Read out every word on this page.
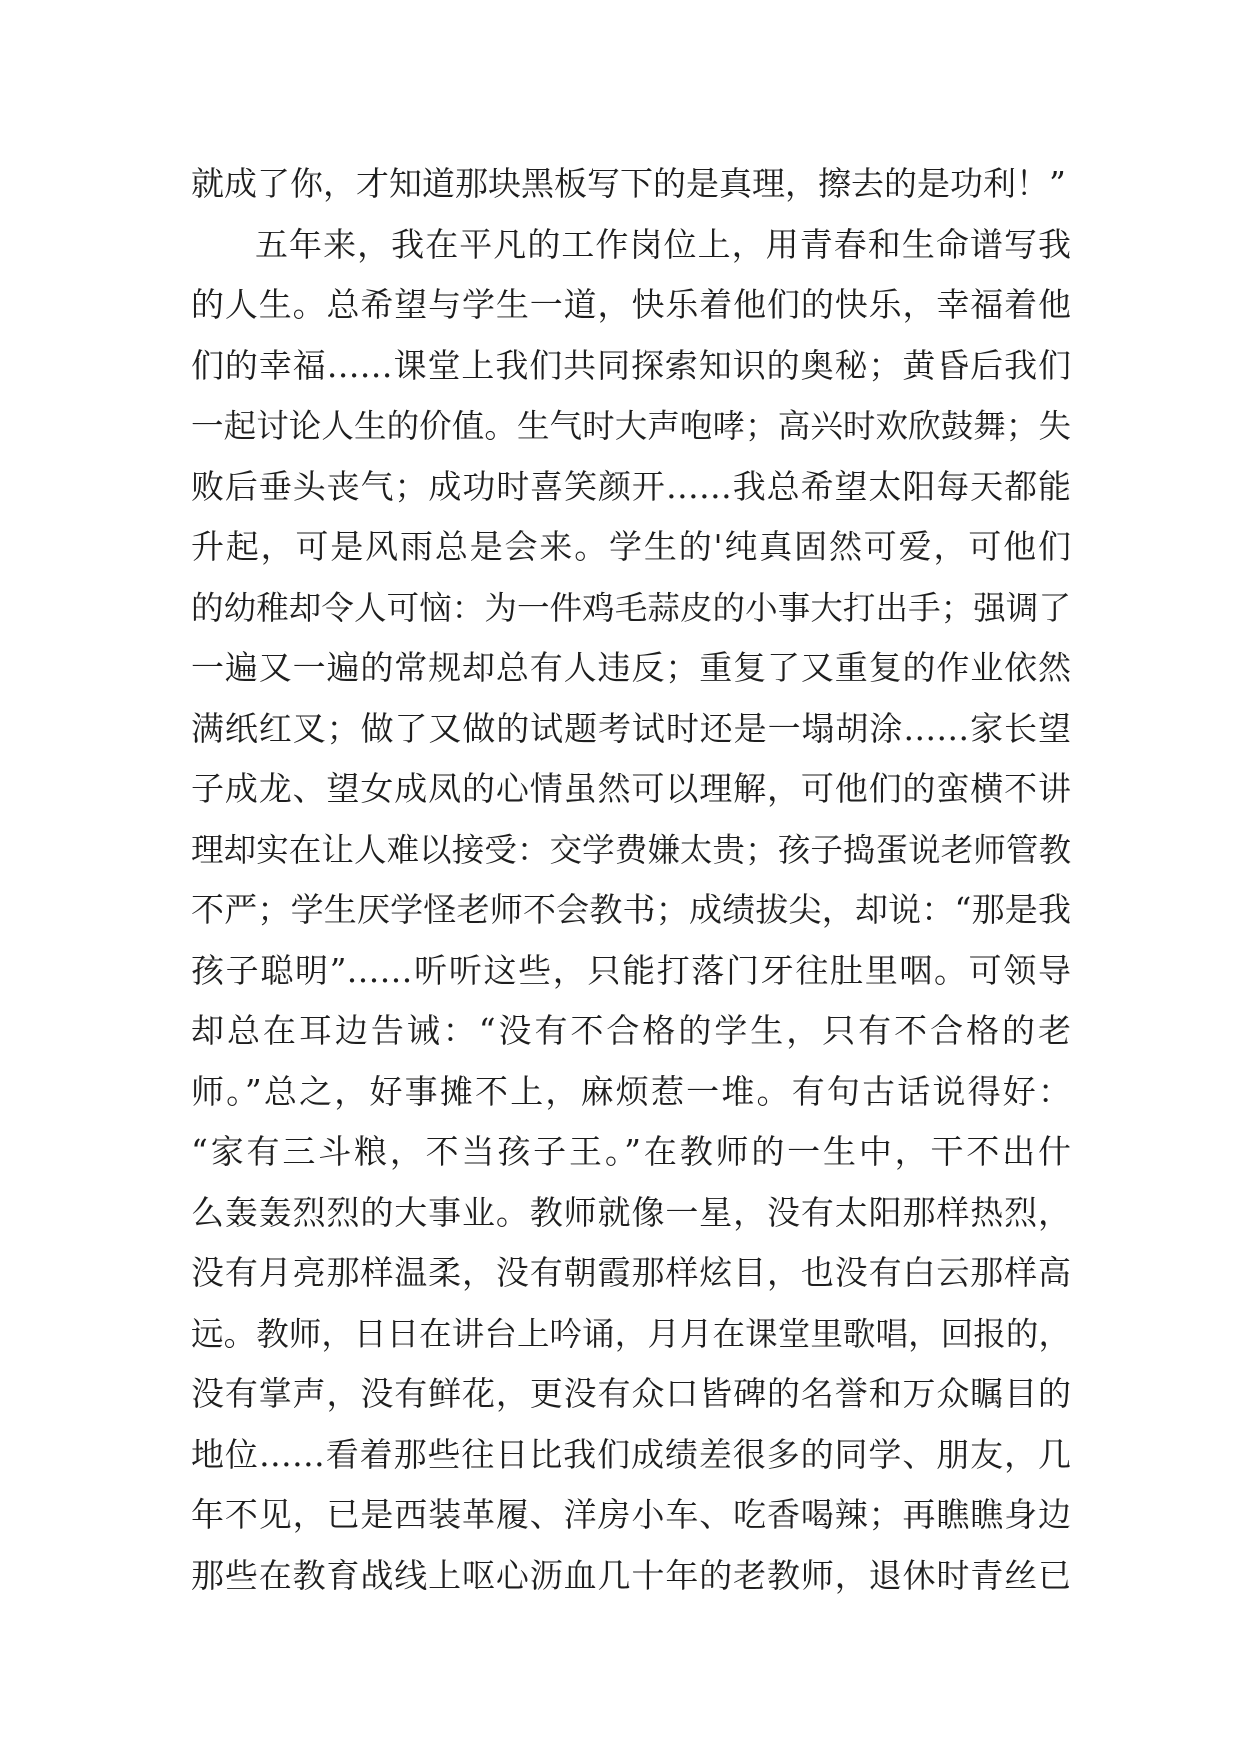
就成了你，才知道那块黑板写下的是真理，擦去的是功利！”
五年来，我在平凡的工作岗位上，用青春和生命谱写我
的人生。总希望与学生一道，快乐着他们的快乐，幸福着他
们的幸福……课堂上我们共同探索知识的奥秘；黄昏后我们
一起讨论人生的价值。生气时大声咆哮；高兴时欢欣鼓舞；失
败后垂头丧气；成功时喜笑颜开……我总希望太阳每天都能
升起，可是风雨总是会来。学生的'纯真固然可爱，可他们
的幼稚却令人可恼：为一件鸡毛蒜皮的小事大打出手；强调了
一遍又一遍的常规却总有人违反；重复了又重复的作业依然
满纸红叉；做了又做的试题考试时还是一塌胡涂……家长望
子成龙、望女成凤的心情虽然可以理解，可他们的蛮横不讲
理却实在让人难以接受：交学费嫌太贵；孩子捣蛋说老师管教
不严；学生厌学怪老师不会教书；成绩拔尖，却说：“那是我
孩子聪明”……听听这些，只能打落门牙往肚里咽。可领导
却总在耳边告诫：“没有不合格的学生，只有不合格的老
师。”总之，好事摊不上，麻烦惹一堆。有句古话说得好：
“家有三斗粮，不当孩子王。”在教师的一生中，干不出什
么轰轰烈烈的大事业。教师就像一星，没有太阳那样热烈，
没有月亮那样温柔，没有朝霞那样炫目，也没有白云那样高
远。教师，日日在讲台上吟诵，月月在课堂里歌唱，回报的，
没有掌声，没有鲜花，更没有众口皆碑的名誉和万众瞩目的
地位……看着那些往日比我们成绩差很多的同学、朋友，几
年不见，已是西装革履、洋房小车、吃香喝辣；再瞧瞧身边
那些在教育战线上呕心沥血几十年的老教师，退休时青丝已
